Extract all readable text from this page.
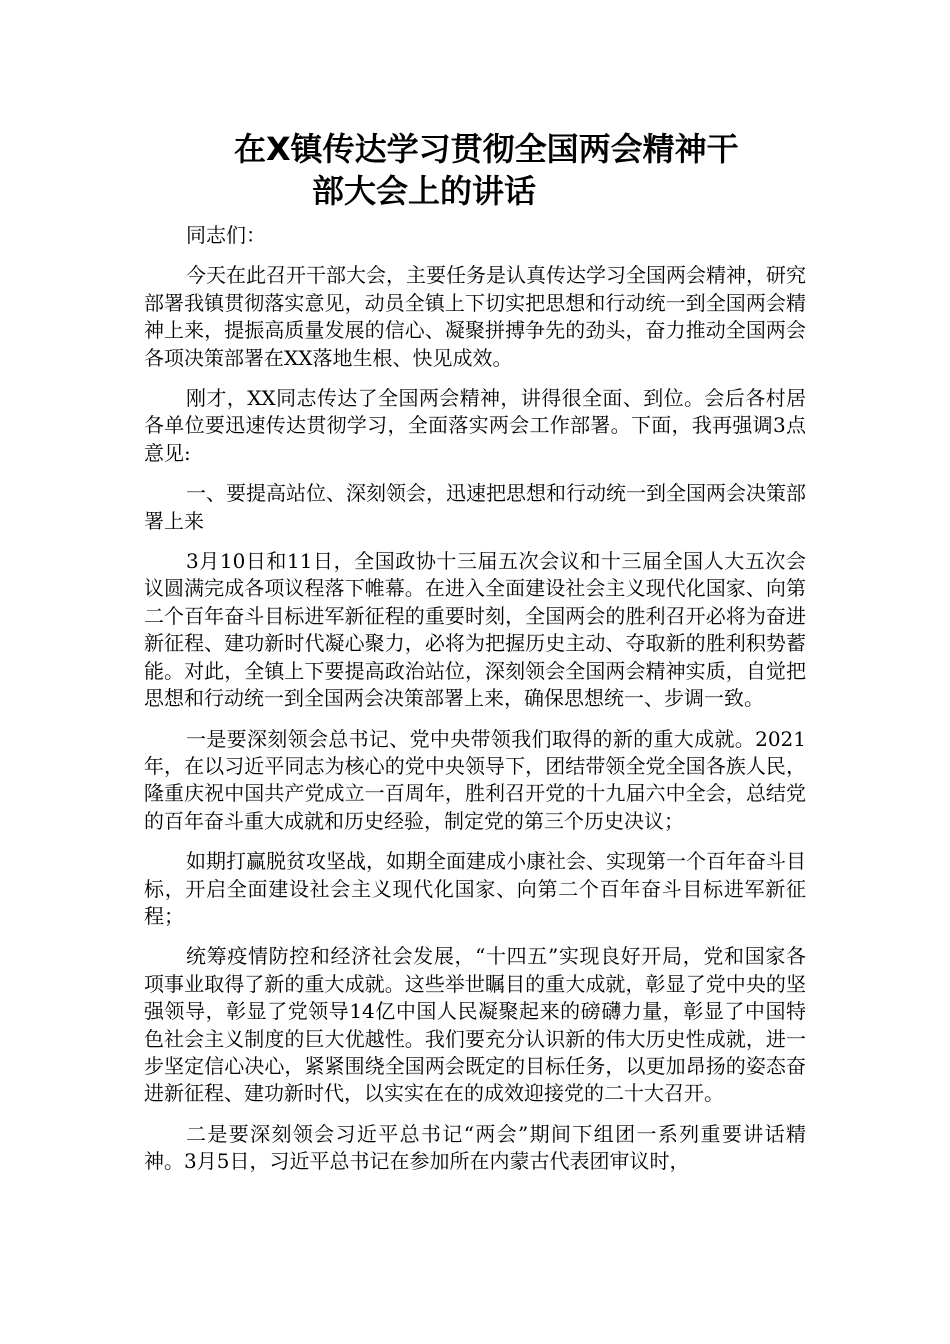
在X镇传达学习贯彻全国两会精神干
部大会上的讲话

同志们：

今天在此召开干部大会，主要任务是认真传达学习全国两会精神，研究部署我镇贯彻落实意见，动员全镇上下切实把思想和行动统一到全国两会精神上来，提振高质量发展的信心、凝聚拼搏争先的劲头，奋力推动全国两会各项决策部署在XX落地生根、快见成效。

刚才，XX同志传达了全国两会精神，讲得很全面、到位。会后各村居各单位要迅速传达贯彻学习，全面落实两会工作部署。下面，我再强调3点意见:

一、要提高站位、深刻领会，迅速把思想和行动统一到全国两会决策部署上来

3月10日和11日，全国政协十三届五次会议和十三届全国人大五次会议圆满完成各项议程落下帷幕。在进入全面建设社会主义现代化国家、向第二个百年奋斗目标进军新征程的重要时刻，全国两会的胜利召开必将为奋进新征程、建功新时代凝心聚力，必将为把握历史主动、夺取新的胜利积势蓄能。对此，全镇上下要提高政治站位，深刻领会全国两会精神实质，自觉把思想和行动统一到全国两会决策部署上来，确保思想统一、步调一致。

一是要深刻领会总书记、党中央带领我们取得的新的重大成就。2021年，在以习近平同志为核心的党中央领导下，团结带领全党全国各族人民，隆重庆祝中国共产党成立一百周年，胜利召开党的十九届六中全会，总结党的百年奋斗重大成就和历史经验，制定党的第三个历史决议；

如期打赢脱贫攻坚战，如期全面建成小康社会、实现第一个百年奋斗目标，开启全面建设社会主义现代化国家、向第二个百年奋斗目标进军新征程；

统筹疫情防控和经济社会发展，“十四五”实现良好开局，党和国家各项事业取得了新的重大成就。这些举世瞩目的重大成就，彰显了党中央的坚强领导，彰显了党领导14亿中国人民凝聚起来的磅礴力量，彰显了中国特色社会主义制度的巨大优越性。我们要充分认识新的伟大历史性成就，进一步坚定信心决心，紧紧围绕全国两会既定的目标任务，以更加昂扬的姿态奋进新征程、建功新时代，以实实在在的成效迎接党的二十大召开。

二是要深刻领会习近平总书记“两会”期间下组团一系列重要讲话精神。3月5日，习近平总书记在参加所在内蒙古代表团审议时，
